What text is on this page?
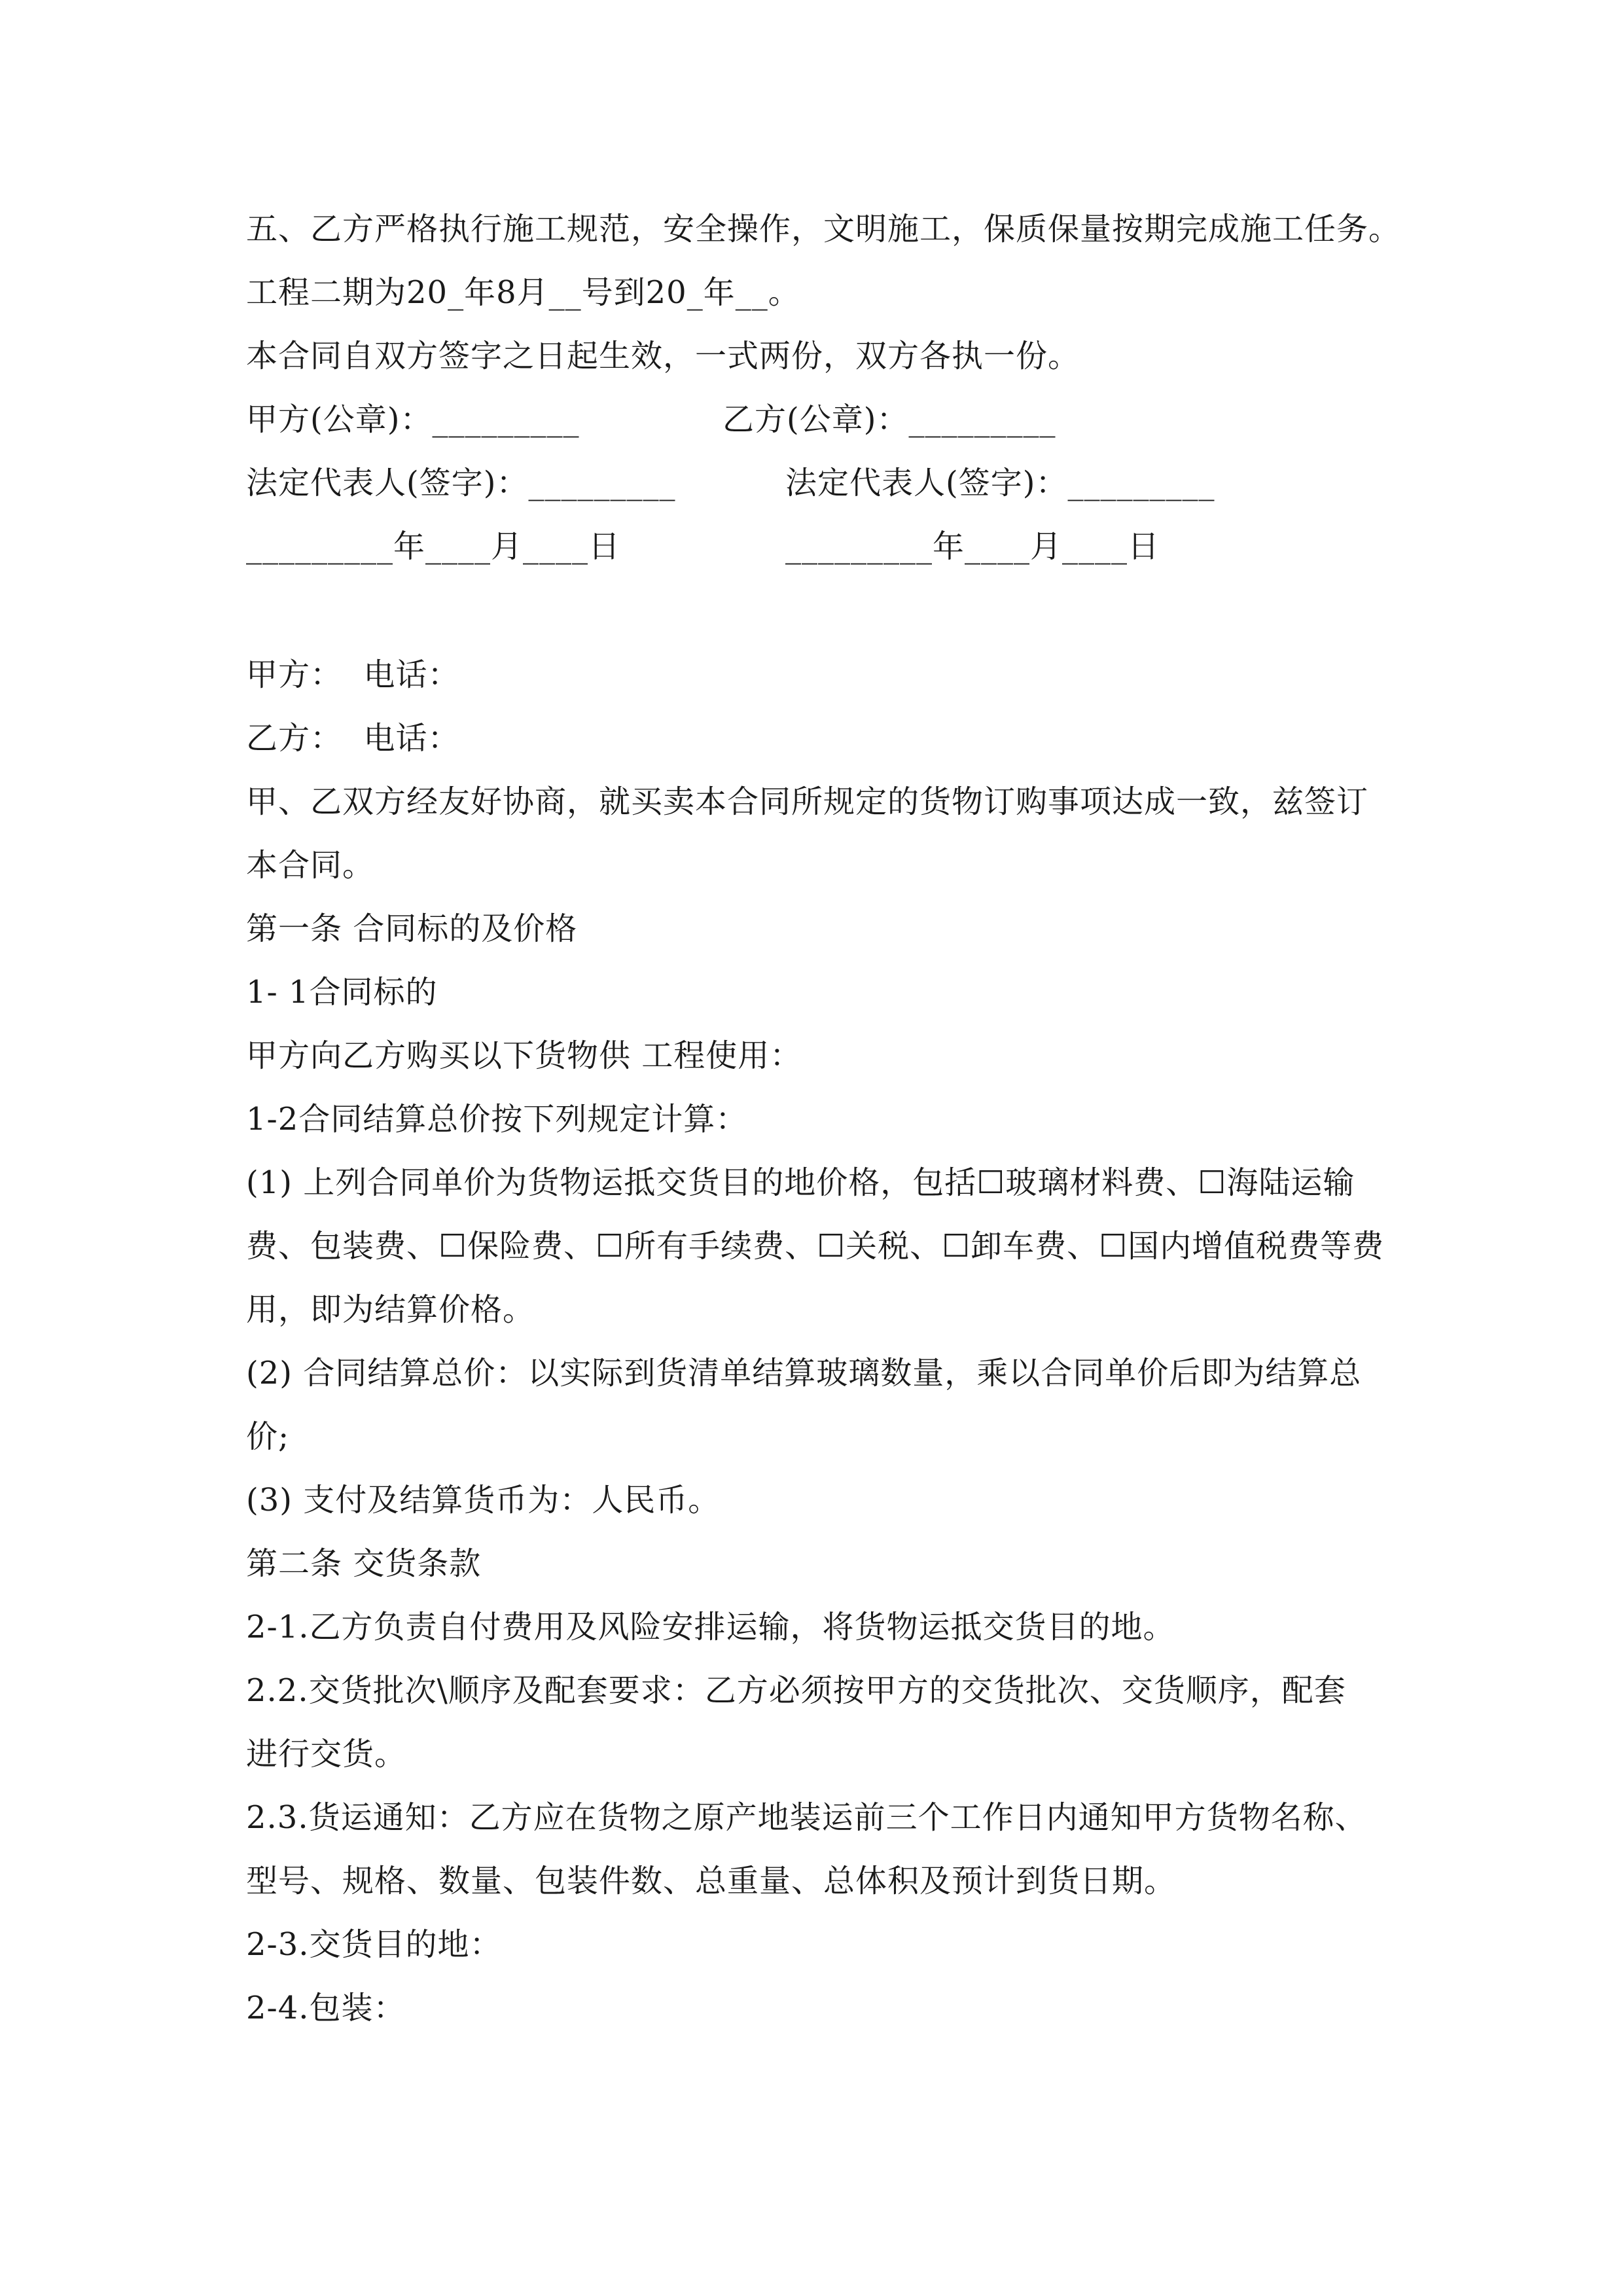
五、乙方严格执行施工规范，安全操作，文明施工，保质保量按期完成施工任务。
工程二期为20_年8月__号到20_年__。
本合同自双方签字之日起生效，一式两份，双方各执一份。
甲方(公章)：_________	乙方(公章)：_________
法定代表人(签字)：_________	法定代表人(签字)：_________
_________年____月____日	_________年____月____日
甲方：  电话：
乙方：  电话：
甲、乙双方经友好协商，就买卖本合同所规定的货物订购事项达成一致，兹签订
本合同。
第一条 合同标的及价格
1- 1合同标的
甲方向乙方购买以下货物供 工程使用：
1-2合同结算总价按下列规定计算：
(1) 上列合同单价为货物运抵交货目的地价格，包括☐玻璃材料费、☐海陆运输
费、包装费、☐保险费、☐所有手续费、☐关税、☐卸车费、☐国内增值税费等费
用，即为结算价格。
(2) 合同结算总价：以实际到货清单结算玻璃数量，乘以合同单价后即为结算总
价;
(3) 支付及结算货币为：人民币。
第二条 交货条款
2-1.乙方负责自付费用及风险安排运输，将货物运抵交货目的地。
2.2.交货批次\顺序及配套要求：乙方必须按甲方的交货批次、交货顺序，配套
进行交货。
2.3.货运通知：乙方应在货物之原产地装运前三个工作日内通知甲方货物名称、
型号、规格、数量、包装件数、总重量、总体积及预计到货日期。
2-3.交货目的地：
2-4.包装：
